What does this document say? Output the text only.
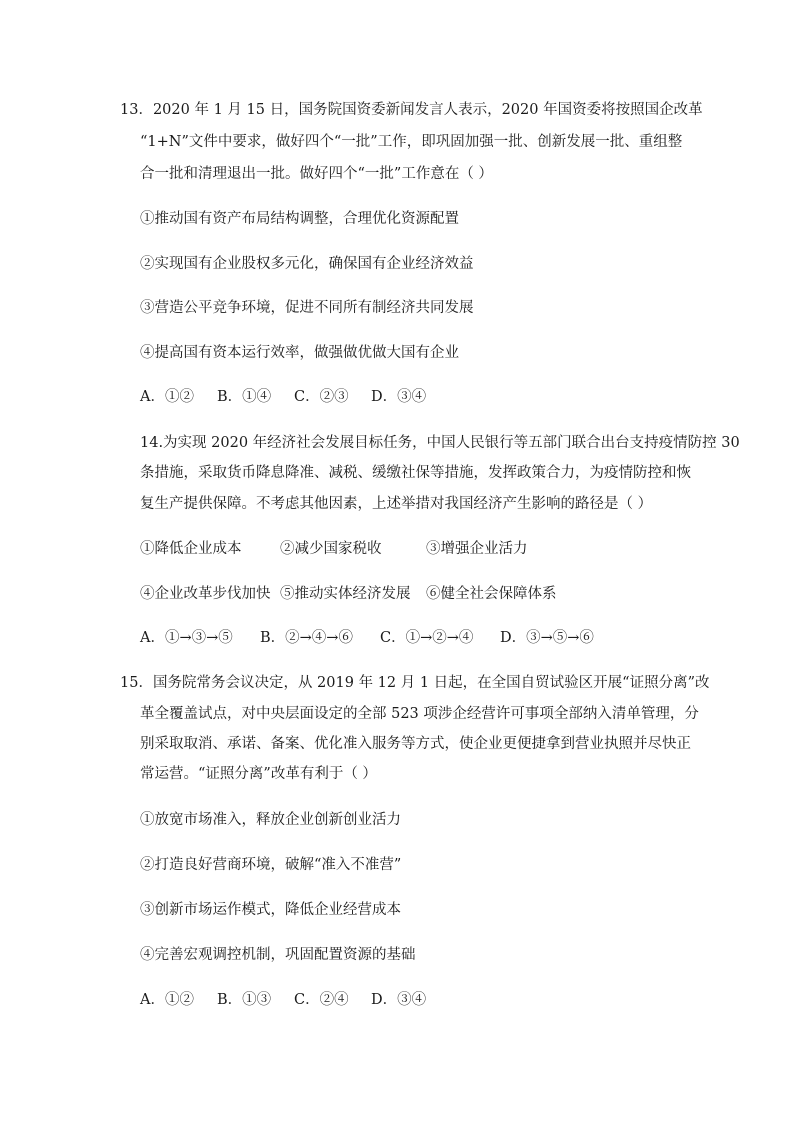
13．2020 年 1 月 15 日，国务院国资委新闻发言人表示，2020 年国资委将按照国企改革
“1+N”文件中要求，做好四个“一批”工作，即巩固加强一批、创新发展一批、重组整
合一批和清理退出一批。做好四个“一批”工作意在（ ）
①推动国有资产布局结构调整，合理优化资源配置
②实现国有企业股权多元化，确保国有企业经济效益
③营造公平竞争环境，促进不同所有制经济共同发展
④提高国有资本运行效率，做强做优做大国有企业
A．①② B．①④ C．②③ D．③④
14.为实现 2020 年经济社会发展目标任务，中国人民银行等五部门联合出台支持疫情防控 30
条措施，采取货币降息降准、减税、缓缴社保等措施，发挥政策合力，为疫情防控和恢
复生产提供保障。不考虑其他因素，上述举措对我国经济产生影响的路径是（ ）
①降低企业成本	②减少国家税收	③增强企业活力
④企业改革步伐加快 ⑤推动实体经济发展 ⑥健全社会保障体系
A．①→③→⑤ B．②→④→⑥ C．①→②→④ D．③→⑤→⑥
15．国务院常务会议决定，从 2019 年 12 月 1 日起，在全国自贸试验区开展“证照分离”改
革全覆盖试点，对中央层面设定的全部 523 项涉企经营许可事项全部纳入清单管理，分
别采取取消、承诺、备案、优化准入服务等方式，使企业更便捷拿到营业执照并尽快正
常运营。“证照分离”改革有利于（ ）
①放宽市场准入，释放企业创新创业活力
②打造良好营商环境，破解“准入不准营”
③创新市场运作模式，降低企业经营成本
④完善宏观调控机制，巩固配置资源的基础
A．①② B．①③ C．②④ D．③④
